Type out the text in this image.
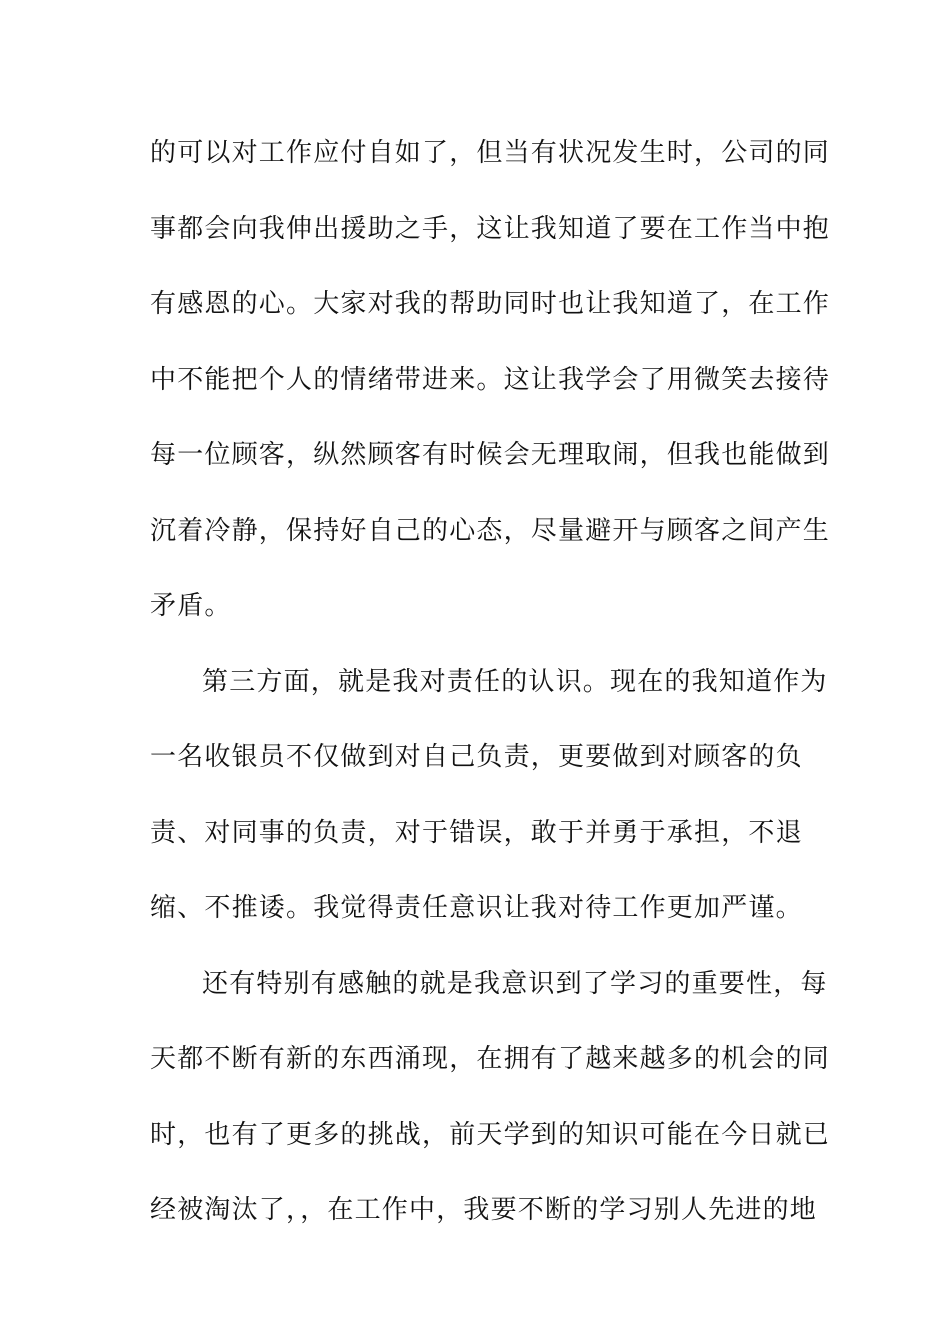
的可以对工作应付自如了，但当有状况发生时，公司的同
事都会向我伸出援助之手，这让我知道了要在工作当中抱
有感恩的心。大家对我的帮助同时也让我知道了，在工作
中不能把个人的情绪带进来。这让我学会了用微笑去接待
每一位顾客，纵然顾客有时候会无理取闹，但我也能做到
沉着冷静，保持好自己的心态，尽量避开与顾客之间产生
矛盾。
第三方面，就是我对责任的认识。现在的我知道作为
一名收银员不仅做到对自己负责，更要做到对顾客的负
责、对同事的负责，对于错误，敢于并勇于承担，不退
缩、不推诿。我觉得责任意识让我对待工作更加严谨。
还有特别有感触的就是我意识到了学习的重要性，每
天都不断有新的东西涌现，在拥有了越来越多的机会的同
时，也有了更多的挑战，前天学到的知识可能在今日就已
经被淘汰了，，在工作中，我要不断的学习别人先进的地
